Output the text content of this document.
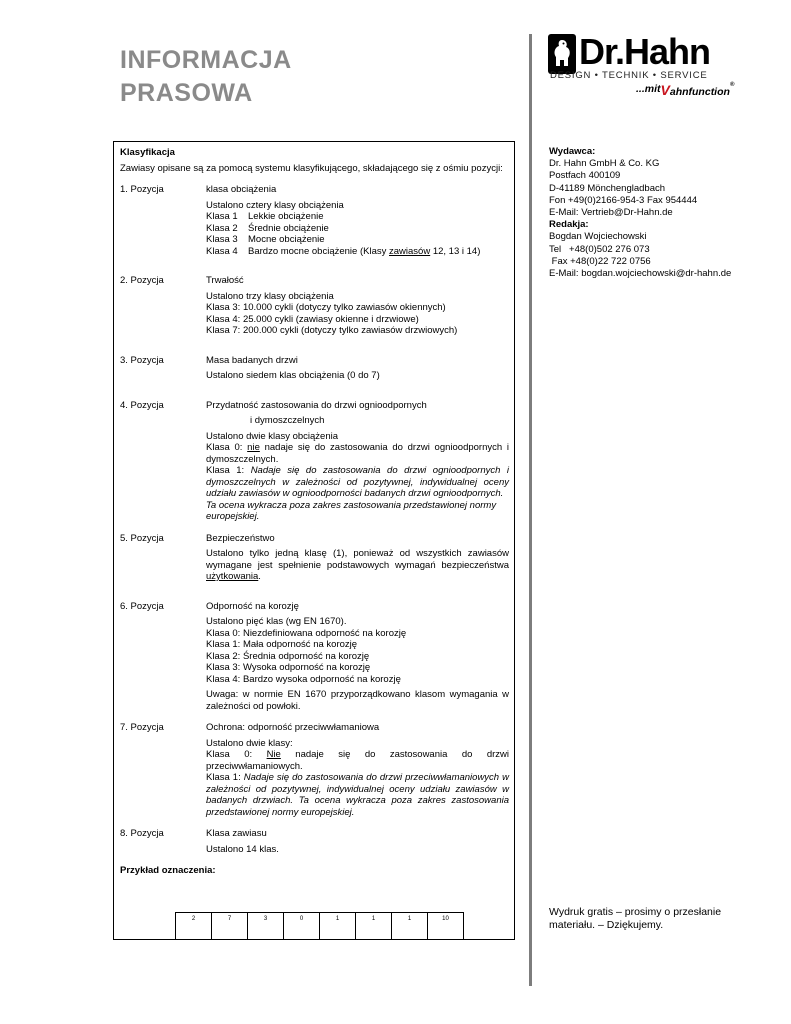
INFORMACJA
PRASOWA
Dr.Hahn
DESIGN • TECHNIK • SERVICE
...mitVahnfunction®

Klasyfikacja

Zawiasy opisane są za pomocą systemu klasyfikującego, składającego się z ośmiu pozycji:

1. Pozycja	klasa obciążenia

Ustalono cztery klasy obciążenia

Klasa 1 Lekkie obciążenie

Klasa 2 Średnie obciążenie

Klasa 3 Mocne obciążenie

Klasa 4 Bardzo mocne obciążenie (Klasy zawiasów 12, 13 i 14)

2. Pozycja	Trwałość

Ustalono trzy klasy obciążenia

Klasa 3: 10.000 cykli (dotyczy tylko zawiasów okiennych)

Klasa 4: 25.000 cykli (zawiasy okienne i drzwiowe)

Klasa 7: 200.000 cykli (dotyczy tylko zawiasów drzwiowych)

3. Pozycja	Masa badanych drzwi

Ustalono siedem klas obciążenia (0 do 7)

4. Pozycja	Przydatność zastosowania do drzwi ognioodpornych

i dymoszczelnych

Ustalono dwie klasy obciążenia

Klasa 0: nie nadaje się do zastosowania do drzwi ognioodpornych i dymoszczelnych.

Klasa 1: Nadaje się do zastosowania do drzwi ognioodpornych i dymoszczelnych w zależności od pozytywnej, indywidualnej oceny udziału zawiasów w ognioodporności badanych drzwi ognioodpornych.

Ta ocena wykracza poza zakres zastosowania przedstawionej normy europejskiej.

5. Pozycja	Bezpieczeństwo

Ustalono tylko jedną klasę (1), ponieważ od wszystkich zawiasów wymagane jest spełnienie podstawowych wymagań bezpieczeństwa użytkowania.

6. Pozycja	Odporność na korozję

Ustalono pięć klas (wg EN 1670).

Klasa 0: Niezdefiniowana odporność na korozję

Klasa 1: Mała odporność na korozję

Klasa 2: Średnia odporność na korozję

Klasa 3: Wysoka odporność na korozję

Klasa 4: Bardzo wysoka odporność na korozję

Uwaga: w normie EN 1670 przyporządkowano klasom wymagania w zależności od powłoki.

7. Pozycja	Ochrona: odporność przeciwwłamaniowa

Ustalono dwie klasy:

Klasa 0: Nie nadaje się do zastosowania do drzwi przeciwwłamaniowych.

Klasa 1: Nadaje się do zastosowania do drzwi przeciwwłamaniowych w zależności od pozytywnej, indywidualnej oceny udziału zawiasów w badanych drzwiach. Ta ocena wykracza poza zakres zastosowania przedstawionej normy europejskiej.

8. Pozycja	Klasa zawiasu

Ustalono 14 klas.

Przykład oznaczenia:

2	7	3	0	1	1	1	10

Wydawca:

Dr. Hahn GmbH & Co. KG

Postfach 400109

D-41189 Mönchengladbach

Fon +49(0)2166-954-3 Fax 954444

E-Mail: Vertrieb@Dr-Hahn.de

Redakja:

Bogdan Wojciechowski

Tel   +48(0)502 276 073

Fax +48(0)22 722 0756

E-Mail: bogdan.wojciechowski@dr-hahn.de

Wydruk gratis – prosimy o przesłanie materiału. – Dziękujemy.
